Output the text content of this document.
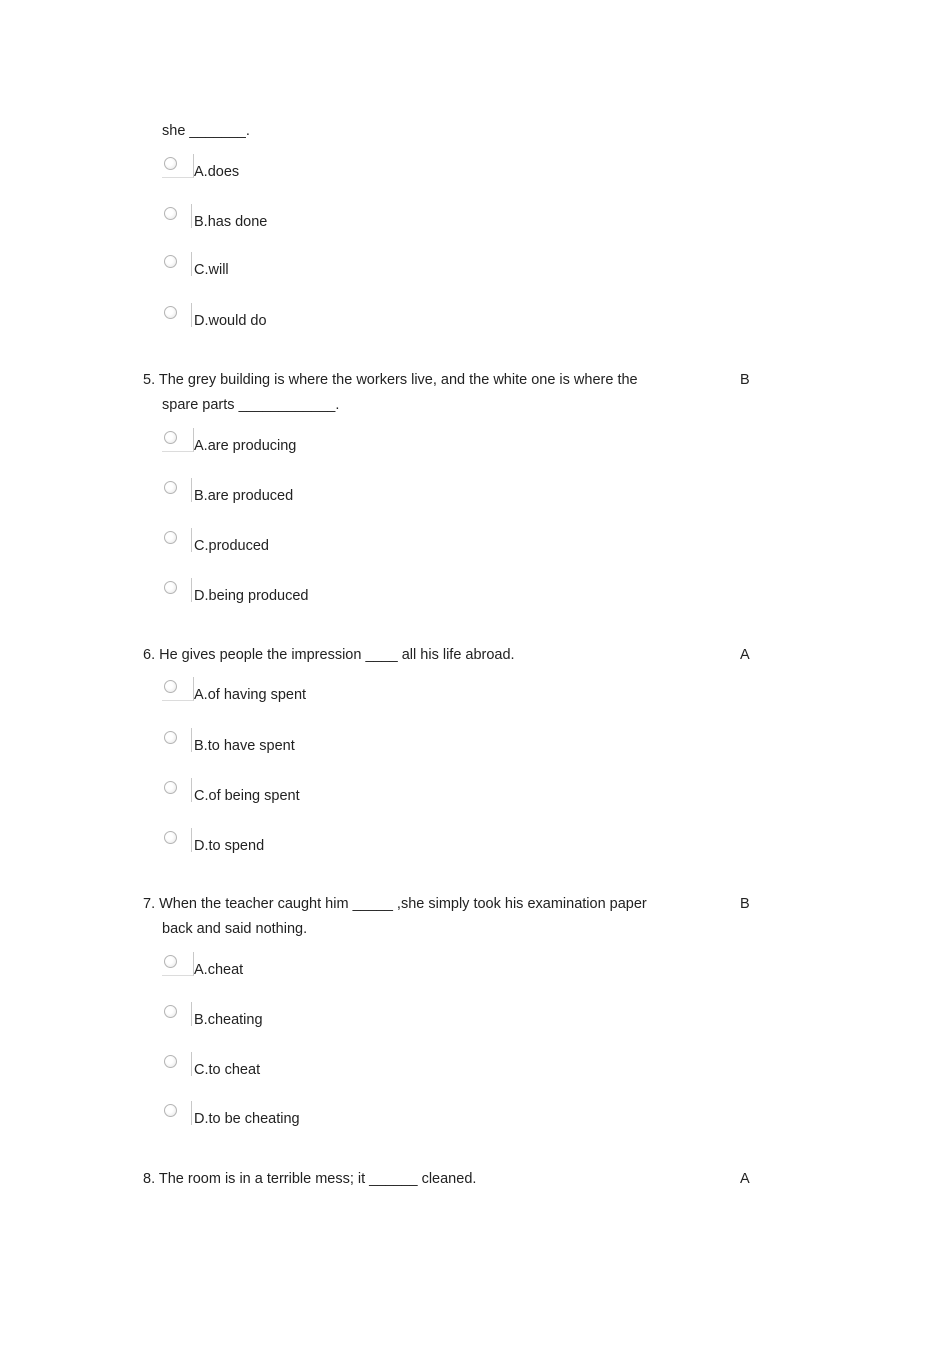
she _______.
A.does
B.has done
C.will
D.would do
5. The grey building is where the workers live, and the white one is where the	B
spare parts ____________.
A.are producing
B.are produced
C.produced
D.being produced
6. He gives people the impression ____ all his life abroad.	A
A.of having spent
B.to have spent
C.of being spent
D.to spend
7. When the teacher caught him _____ ,she simply took his examination paper	B
back and said nothing.
A.cheat
B.cheating
C.to cheat
D.to be cheating
8. The room is in a terrible mess; it ______ cleaned.	A
